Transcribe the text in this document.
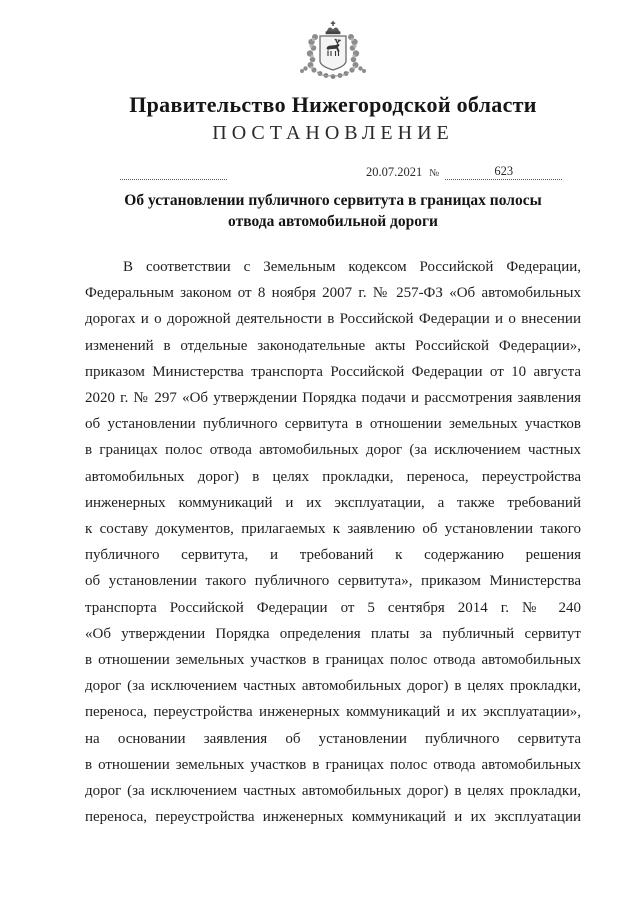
Правительство Нижегородской области
ПОСТАНОВЛЕНИЕ
20.07.2021 №	623
Об установлении публичного сервитута в границах полосы
отвода автомобильной дороги
В соответствии с Земельным кодексом Российской Федерации,
Федеральным законом от 8 ноября 2007 г. № 257-ФЗ «Об автомобильных
дорогах и о дорожной деятельности в Российской Федерации и о внесении
изменений в отдельные законодательные акты Российской Федерации»,
приказом Министерства транспорта Российской Федерации от 10 августа
2020 г. № 297 «Об утверждении Порядка подачи и рассмотрения заявления
об установлении публичного сервитута в отношении земельных участков
в границах полос отвода автомобильных дорог (за исключением частных
автомобильных дорог) в целях прокладки, переноса, переустройства
инженерных коммуникаций и их эксплуатации, а также требований
к составу документов, прилагаемых к заявлению об установлении такого
публичного сервитута, и требований к содержанию решения
об установлении такого публичного сервитута», приказом Министерства
транспорта Российской Федерации от 5 сентября 2014 г. № 240
«Об утверждении Порядка определения платы за публичный сервитут
в отношении земельных участков в границах полос отвода автомобильных
дорог (за исключением частных автомобильных дорог) в целях прокладки,
переноса, переустройства инженерных коммуникаций и их эксплуатации»,
на основании заявления об установлении публичного сервитута
в отношении земельных участков в границах полос отвода автомобильных
дорог (за исключением частных автомобильных дорог) в целях прокладки,
переноса, переустройства инженерных коммуникаций и их эксплуатации
